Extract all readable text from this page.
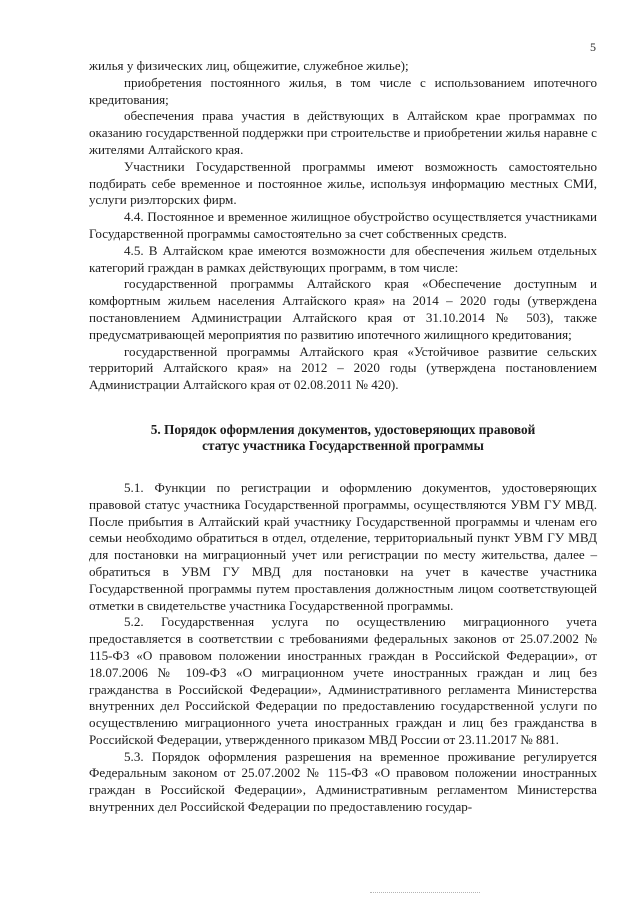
5

жилья у физических лиц, общежитие, служебное жилье);

приобретения постоянного жилья, в том числе с использованием ипотечного кредитования;

обеспечения права участия в действующих в Алтайском крае программах по оказанию государственной поддержки при строительстве и приобретении жилья наравне с жителями Алтайского края.

Участники Государственной программы имеют возможность самостоятельно подбирать себе временное и постоянное жилье, используя информацию местных СМИ, услуги риэлторских фирм.

4.4. Постоянное и временное жилищное обустройство осуществляется участниками Государственной программы самостоятельно за счет собственных средств.

4.5. В Алтайском крае имеются возможности для обеспечения жильем отдельных категорий граждан в рамках действующих программ, в том числе:

государственной программы Алтайского края «Обеспечение доступным и комфортным жильем населения Алтайского края» на 2014 – 2020 годы (утверждена постановлением Администрации Алтайского края от 31.10.2014 № 503), также предусматривающей мероприятия по развитию ипотечного жилищного кредитования;

государственной программы Алтайского края «Устойчивое развитие сельских территорий Алтайского края» на 2012 – 2020 годы (утверждена постановлением Администрации Алтайского края от 02.08.2011 № 420).

5. Порядок оформления документов, удостоверяющих правовой
статус участника Государственной программы

5.1. Функции по регистрации и оформлению документов, удостоверяющих правовой статус участника Государственной программы, осуществляются УВМ ГУ МВД. После прибытия в Алтайский край участнику Государственной программы и членам его семьи необходимо обратиться в отдел, отделение, территориальный пункт УВМ ГУ МВД для постановки на миграционный учет или регистрации по месту жительства, далее – обратиться в УВМ ГУ МВД для постановки на учет в качестве участника Государственной программы путем проставления должностным лицом соответствующей отметки в свидетельстве участника Государственной программы.

5.2. Государственная услуга по осуществлению миграционного учета предоставляется в соответствии с требованиями федеральных законов от 25.07.2002 № 115-ФЗ «О правовом положении иностранных граждан в Российской Федерации», от 18.07.2006 № 109-ФЗ «О миграционном учете иностранных граждан и лиц без гражданства в Российской Федерации», Административного регламента Министерства внутренних дел Российской Федерации по предоставлению государственной услуги по осуществлению миграционного учета иностранных граждан и лиц без гражданства в Российской Федерации, утвержденного приказом МВД России от 23.11.2017 № 881.

5.3. Порядок оформления разрешения на временное проживание регулируется Федеральным законом от 25.07.2002 № 115-ФЗ «О правовом положении иностранных граждан в Российской Федерации», Административным регламентом Министерства внутренних дел Российской Федерации по предоставлению государ-
